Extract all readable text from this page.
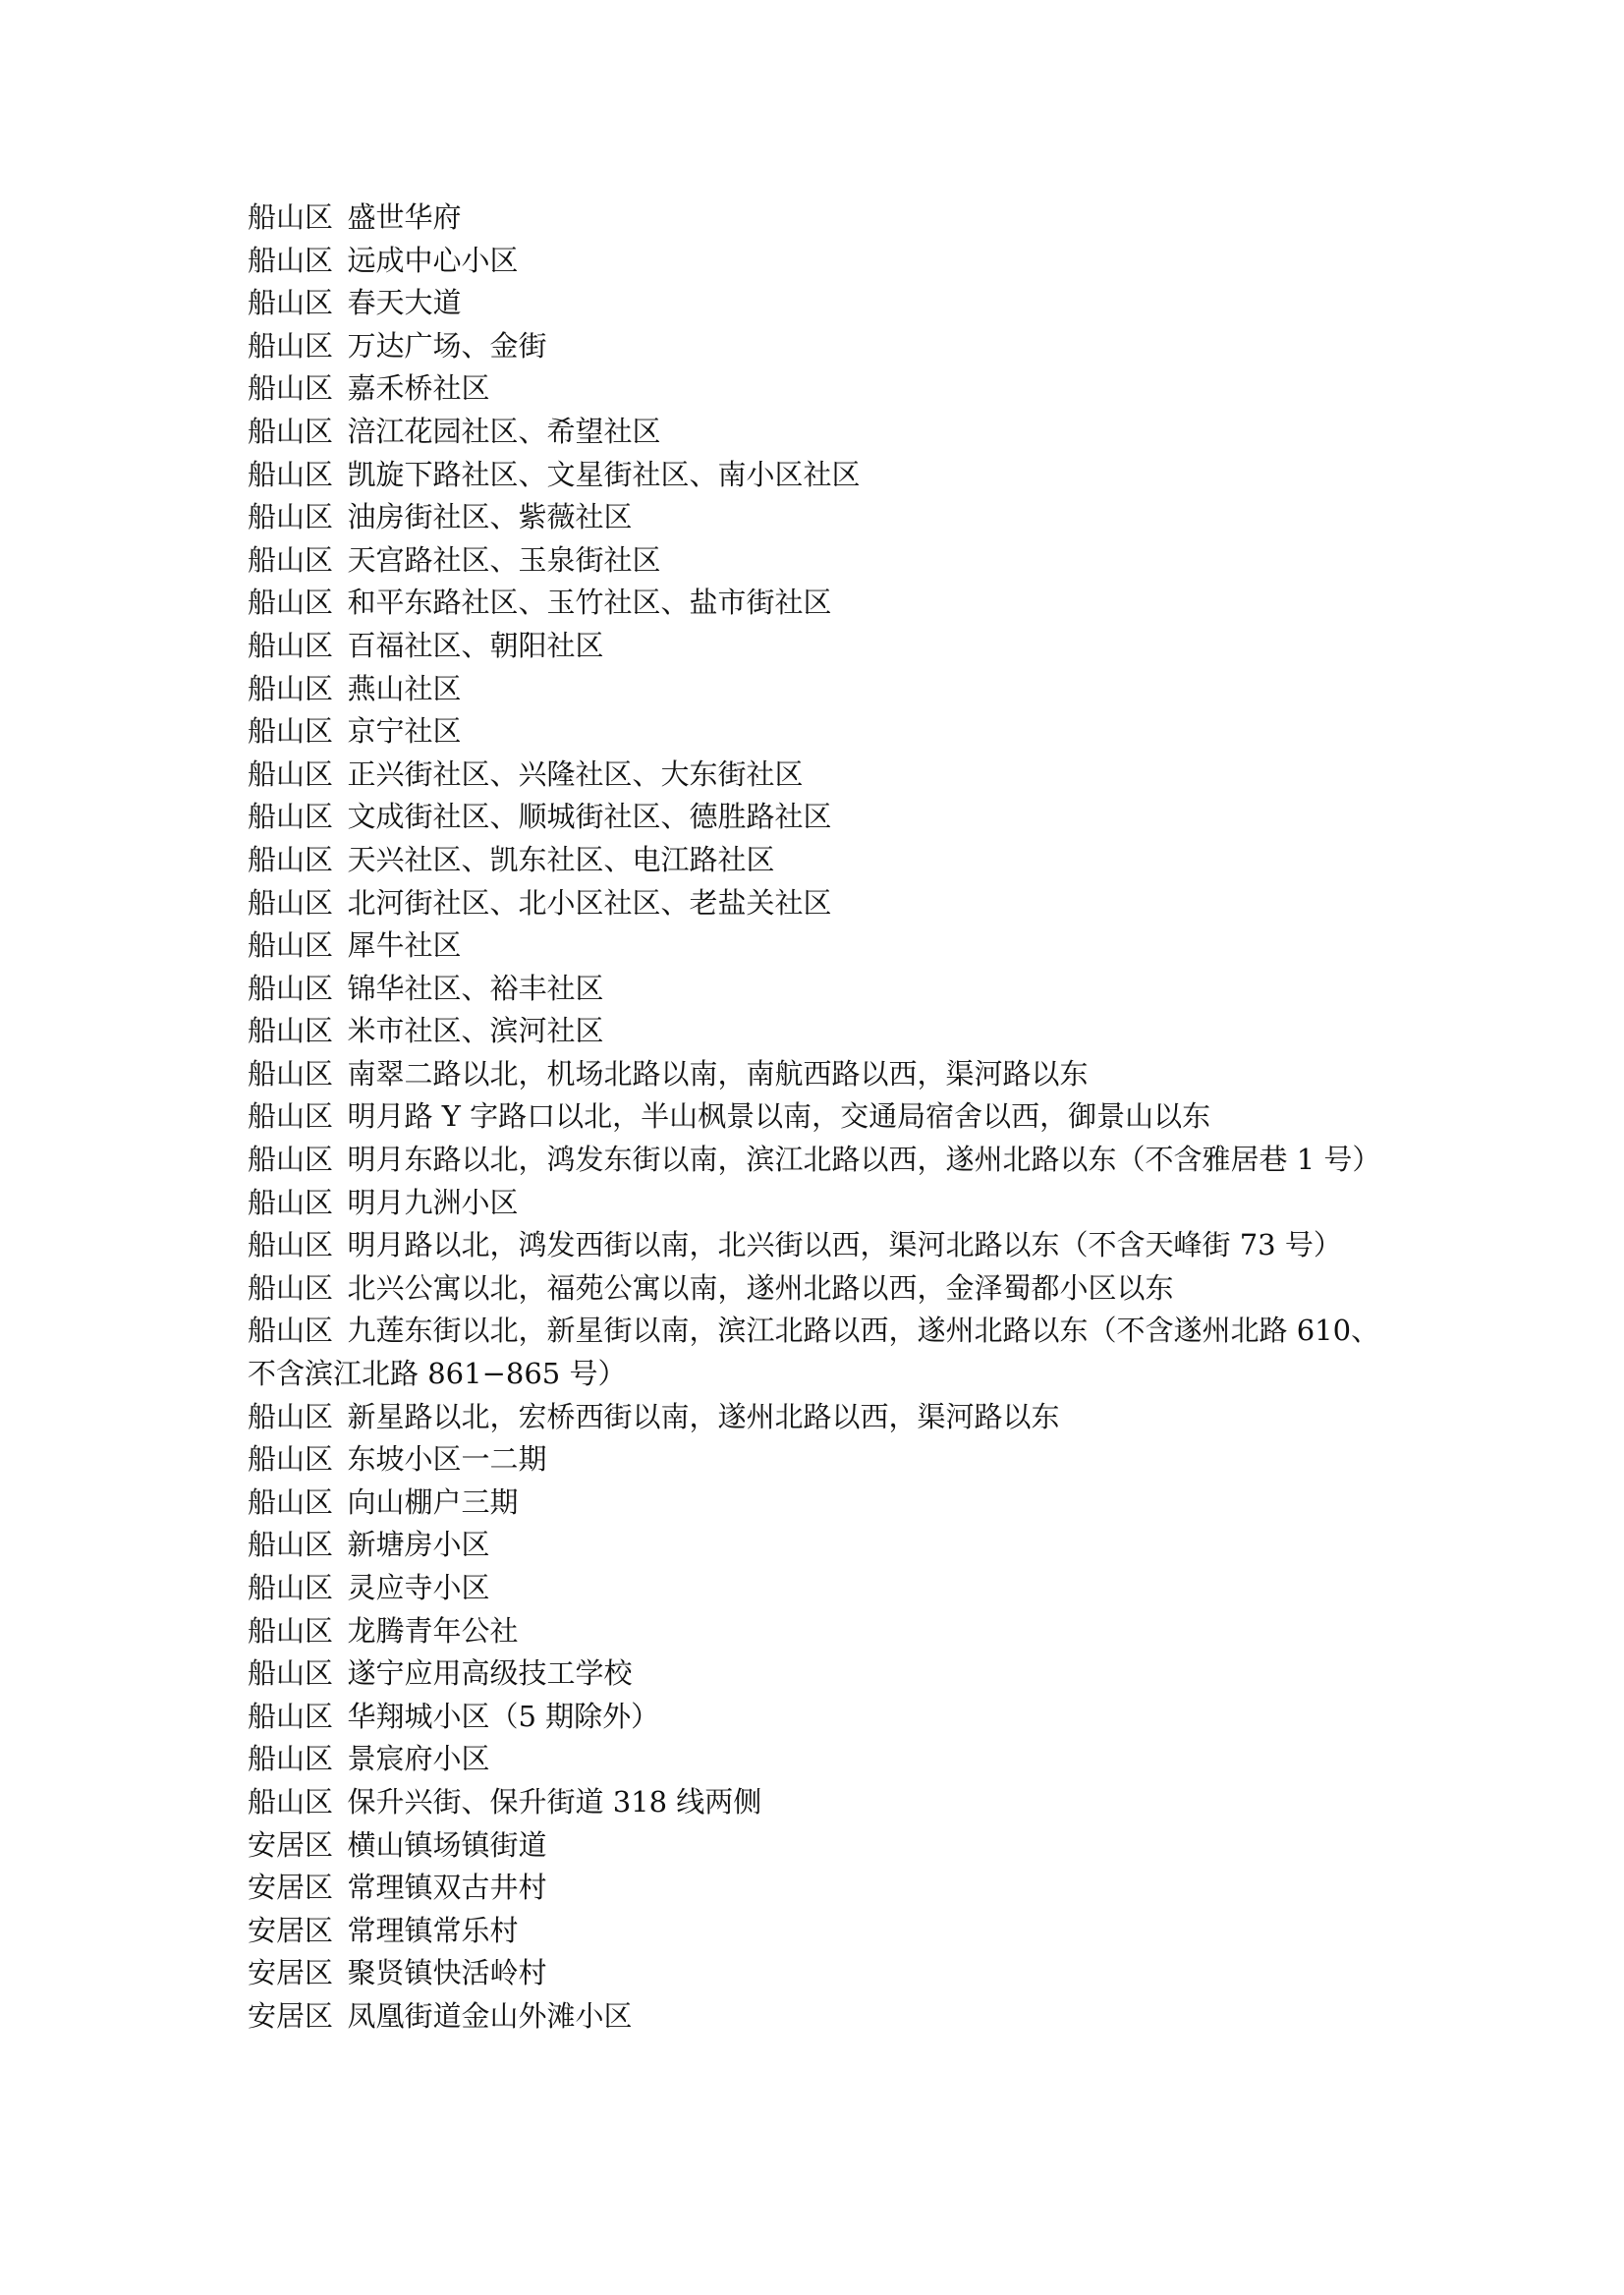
船山区 盛世华府
船山区 远成中心小区
船山区 春天大道
船山区 万达广场、金街
船山区 嘉禾桥社区
船山区 涪江花园社区、希望社区
船山区 凯旋下路社区、文星街社区、南小区社区
船山区 油房街社区、紫薇社区
船山区 天宫路社区、玉泉街社区
船山区 和平东路社区、玉竹社区、盐市街社区
船山区 百福社区、朝阳社区
船山区 燕山社区
船山区 京宁社区
船山区 正兴街社区、兴隆社区、大东街社区
船山区 文成街社区、顺城街社区、德胜路社区
船山区 天兴社区、凯东社区、电江路社区
船山区 北河街社区、北小区社区、老盐关社区
船山区 犀牛社区
船山区 锦华社区、裕丰社区
船山区 米市社区、滨河社区
船山区 南翠二路以北，机场北路以南，南航西路以西，渠河路以东
船山区 明月路 Y 字路口以北，半山枫景以南，交通局宿舍以西，御景山以东
船山区 明月东路以北，鸿发东街以南，滨江北路以西，遂州北路以东（不含雅居巷 1 号）
船山区 明月九洲小区
船山区 明月路以北，鸿发西街以南，北兴街以西，渠河北路以东（不含天峰街 73 号）
船山区 北兴公寓以北，福苑公寓以南，遂州北路以西，金泽蜀都小区以东
船山区 九莲东街以北，新星街以南，滨江北路以西，遂州北路以东（不含遂州北路 610、不含滨江北路 861−865 号）
船山区 新星路以北，宏桥西街以南，遂州北路以西，渠河路以东
船山区 东坡小区一二期
船山区 向山棚户三期
船山区 新塘房小区
船山区 灵应寺小区
船山区 龙腾青年公社
船山区 遂宁应用高级技工学校
船山区 华翔城小区（5 期除外）
船山区 景宸府小区
船山区 保升兴街、保升街道 318 线两侧
安居区 横山镇场镇街道
安居区 常理镇双古井村
安居区 常理镇常乐村
安居区 聚贤镇快活岭村
安居区 凤凰街道金山外滩小区
